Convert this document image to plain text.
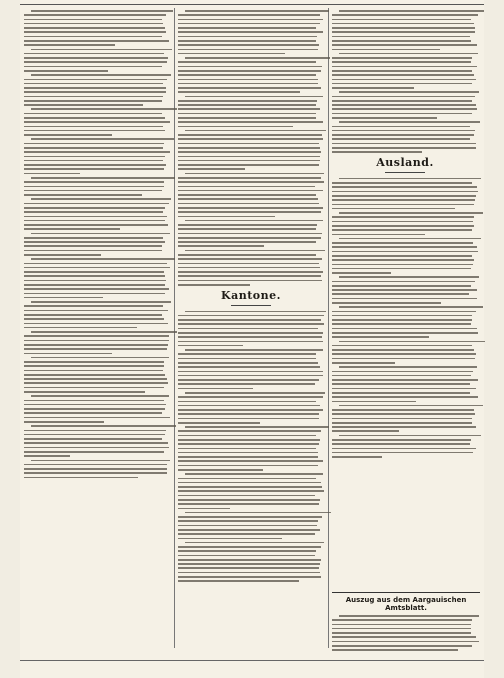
Kantone.
Ausland.
Auszug aus dem Aargauischen Amtsblatt.
